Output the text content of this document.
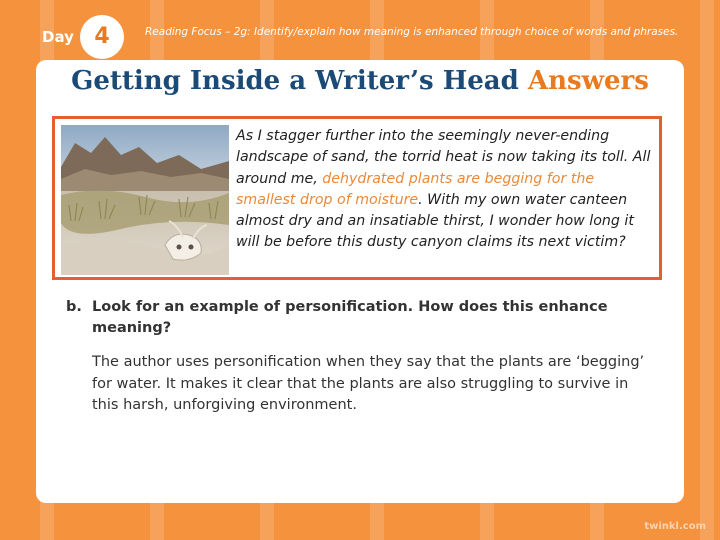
Day 4	Reading Focus – 2g: Identify/explain how meaning is enhanced through choice of words and phrases.
Getting Inside a Writer’s Head Answers

As I stagger further into the seemingly never-ending landscape of sand, the torrid heat is now taking its toll. All around me, dehydrated plants are begging for the smallest drop of moisture. With my own water canteen almost dry and an insatiable thirst, I wonder how long it will be before this dusty canyon claims its next victim?

b. Look for an example of personification. How does this enhance meaning?
The author uses personification when they say that the plants are ‘begging’ for water. It makes it clear that the plants are also struggling to survive in this harsh, unforgiving environment.
twinkl.com
